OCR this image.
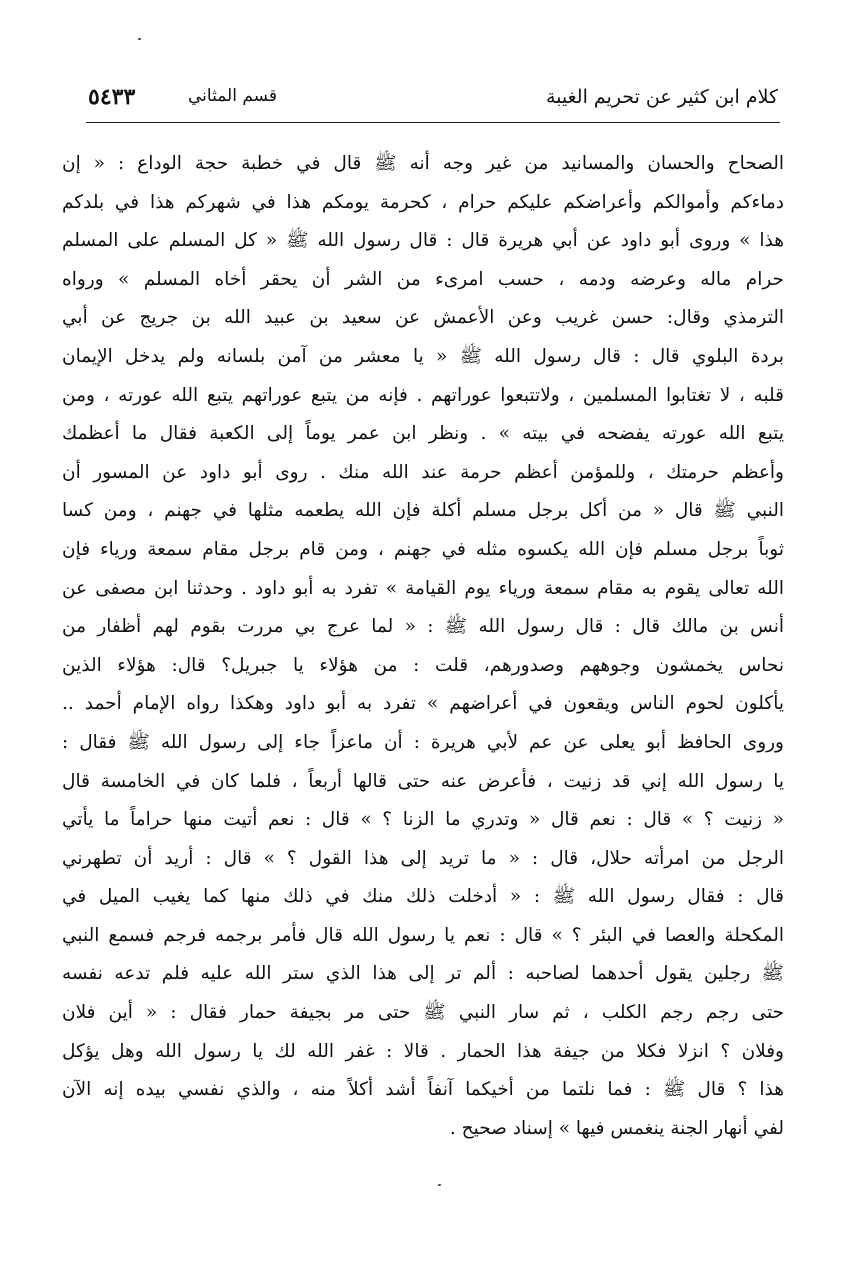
كلام ابن كثير عن تحريم الغيبة
قسم المثاني
٥٤٣٣
الصحاح والحسان والمسانيد من غير وجه أنه ﷺ قال في خطبة حجة الوداع : « إن
دماءكم وأموالكم وأعراضكم عليكم حرام ، كحرمة يومكم هذا في شهركم هذا في بلدكم
هذا » وروى أبو داود عن أبي هريرة قال : قال رسول الله ﷺ « كل المسلم على المسلم
حرام ماله وعرضه ودمه ، حسب امرىء من الشر أن يحقر أخاه المسلم » ورواه
الترمذي وقال: حسن غريب وعن الأعمش عن سعيد بن عبيد الله بن جريج عن أبي
بردة البلوي قال : قال رسول الله ﷺ « يا معشر من آمن بلسانه ولم يدخل الإيمان
قلبه ، لا تغتابوا المسلمين ، ولاتتبعوا عوراتهم . فإنه من يتبع عوراتهم يتبع الله عورته ، ومن
يتبع الله عورته يفضحه في بيته » . ونظر ابن عمر يوماً إلى الكعبة فقال ما أعظمك
وأعظم حرمتك ، وللمؤمن أعظم حرمة عند الله منك . روى أبو داود عن المسور أن
النبي ﷺ قال « من أكل برجل مسلم أكلة فإن الله يطعمه مثلها في جهنم ، ومن كسا
ثوباً برجل مسلم فإن الله يكسوه مثله في جهنم ، ومن قام برجل مقام سمعة ورياء فإن
الله تعالى يقوم به مقام سمعة ورياء يوم القيامة » تفرد به أبو داود . وحدثنا ابن مصفى عن
أنس بن مالك قال : قال رسول الله ﷺ : « لما عرج بي مررت بقوم لهم أظفار من
نحاس يخمشون وجوههم وصدورهم، قلت : من هؤلاء يا جبريل؟ قال: هؤلاء الذين
يأكلون لحوم الناس ويقعون في أعراضهم » تفرد به أبو داود وهكذا رواه الإمام أحمد ..
وروى الحافظ أبو يعلى عن عم لأبي هريرة : أن ماعزاً جاء إلى رسول الله ﷺ فقال :
يا رسول الله إني قد زنيت ، فأعرض عنه حتى قالها أربعاً ، فلما كان في الخامسة قال
« زنيت ؟ » قال : نعم قال « وتدري ما الزنا ؟ » قال : نعم أتيت منها حراماً ما يأتي
الرجل من امرأته حلال، قال : « ما تريد إلى هذا القول ؟ » قال : أريد أن تطهرني
قال : فقال رسول الله ﷺ : « أدخلت ذلك منك في ذلك منها كما يغيب الميل في
المكحلة والعصا في البئر ؟ » قال : نعم يا رسول الله قال فأمر برجمه فرجم فسمع النبي
ﷺ رجلين يقول أحدهما لصاحبه : ألم تر إلى هذا الذي ستر الله عليه فلم تدعه نفسه
حتى رجم رجم الكلب ، ثم سار النبي ﷺ حتى مر بجيفة حمار فقال : « أين فلان
وفلان ؟ انزلا فكلا من جيفة هذا الحمار . قالا : غفر الله لك يا رسول الله وهل يؤكل
هذا ؟ قال ﷺ : فما نلتما من أخيكما آنفاً أشد أكلاً منه ، والذي نفسي بيده إنه الآن
لفي أنهار الجنة ينغمس فيها » إسناد صحيح .
